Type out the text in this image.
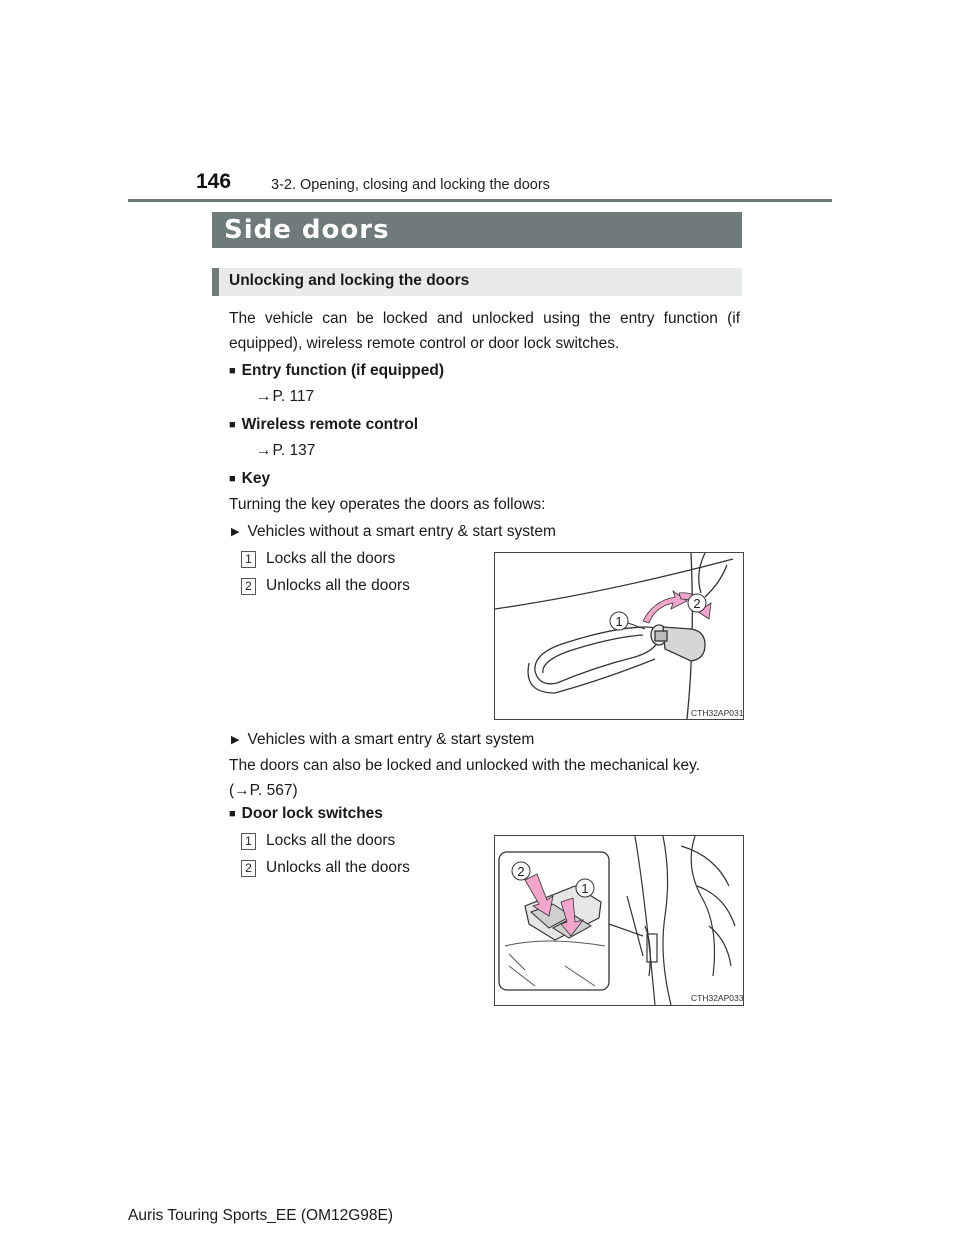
146	3-2. Opening, closing and locking the doors
Side doors
Unlocking and locking the doors
The vehicle can be locked and unlocked using the entry function (if equipped), wireless remote control or door lock switches.
■ Entry function (if equipped)
→P. 117
■ Wireless remote control
→P. 137
■ Key
Turning the key operates the doors as follows:
▶ Vehicles without a smart entry & start system
1 Locks all the doors
2 Unlocks all the doors
1
2
CTH32AP031
▶ Vehicles with a smart entry & start system
The doors can also be locked and unlocked with the mechanical key.
(→P. 567)
■ Door lock switches
1 Locks all the doors
2 Unlocks all the doors	2
1
CTH32AP033
Auris Touring Sports_EE (OM12G98E)
